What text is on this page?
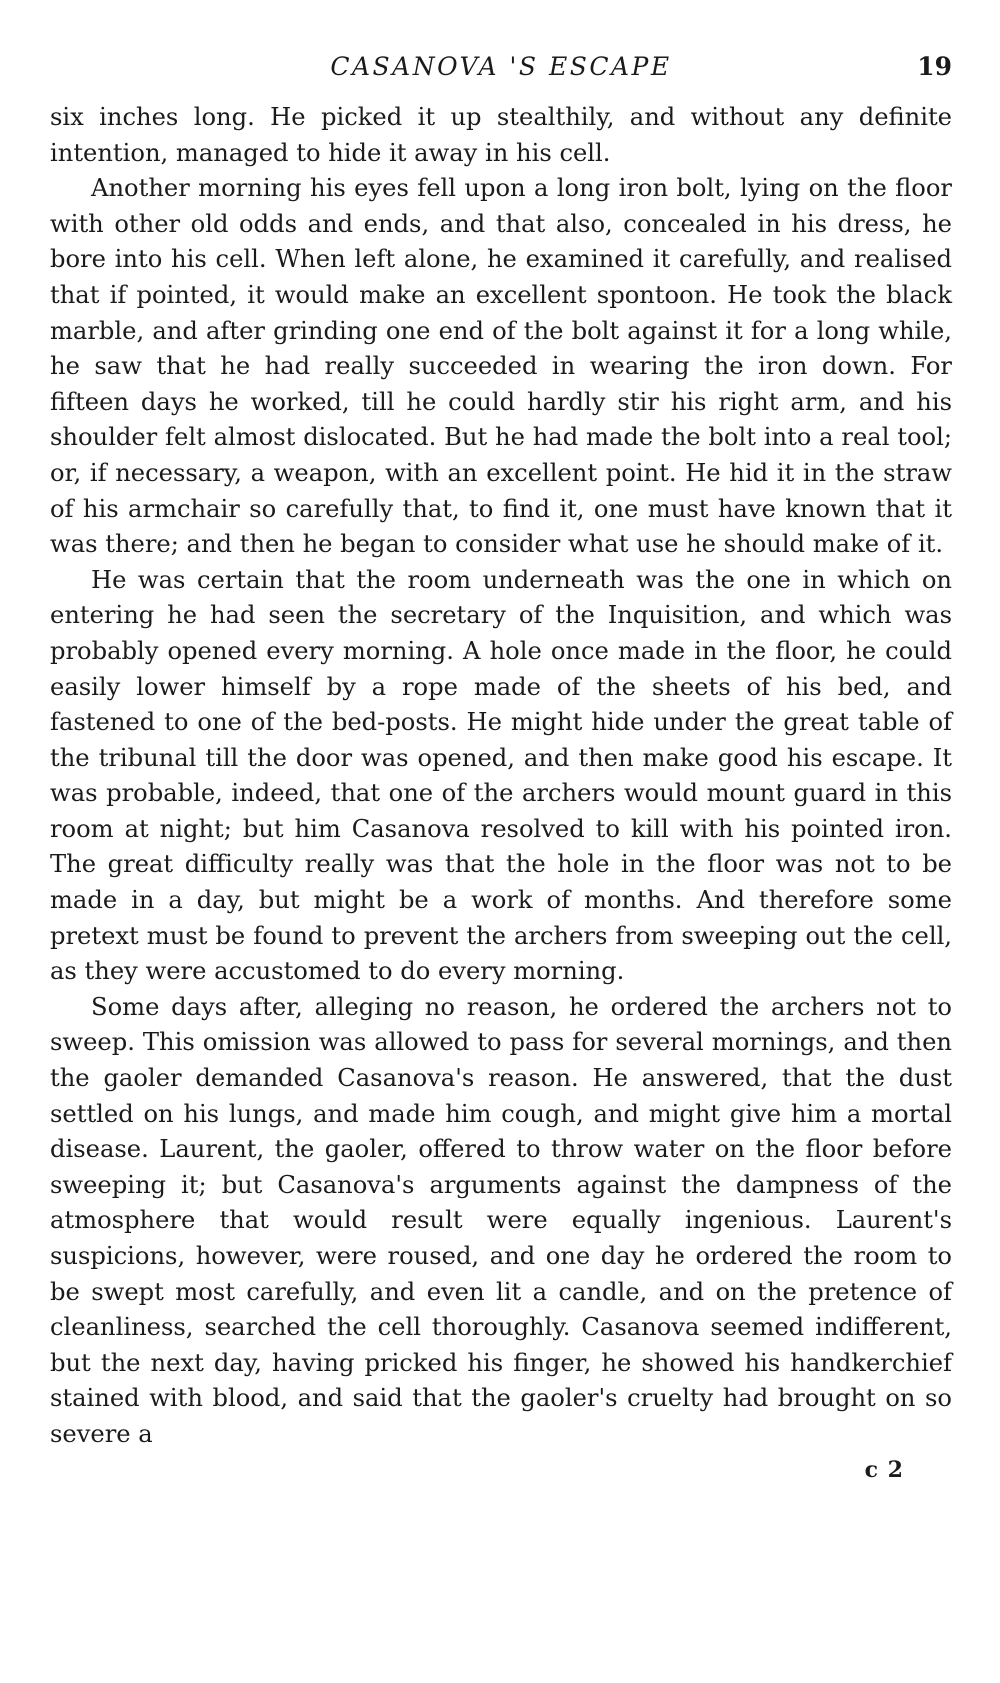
CASANOVA 'S ESCAPE	19

six inches long. He picked it up stealthily, and without any definite intention, managed to hide it away in his cell.

Another morning his eyes fell upon a long iron bolt, lying on the floor with other old odds and ends, and that also, concealed in his dress, he bore into his cell. When left alone, he examined it carefully, and realised that if pointed, it would make an excellent spontoon. He took the black marble, and after grinding one end of the bolt against it for a long while, he saw that he had really succeeded in wearing the iron down. For fifteen days he worked, till he could hardly stir his right arm, and his shoulder felt almost dislocated. But he had made the bolt into a real tool; or, if necessary, a weapon, with an excellent point. He hid it in the straw of his armchair so carefully that, to find it, one must have known that it was there; and then he began to consider what use he should make of it.

He was certain that the room underneath was the one in which on entering he had seen the secretary of the Inquisition, and which was probably opened every morning. A hole once made in the floor, he could easily lower himself by a rope made of the sheets of his bed, and fastened to one of the bed-posts. He might hide under the great table of the tribunal till the door was opened, and then make good his escape. It was probable, indeed, that one of the archers would mount guard in this room at night; but him Casanova resolved to kill with his pointed iron. The great difficulty really was that the hole in the floor was not to be made in a day, but might be a work of months. And therefore some pretext must be found to prevent the archers from sweeping out the cell, as they were accustomed to do every morning.

Some days after, alleging no reason, he ordered the archers not to sweep. This omission was allowed to pass for several mornings, and then the gaoler demanded Casanova's reason. He answered, that the dust settled on his lungs, and made him cough, and might give him a mortal disease. Laurent, the gaoler, offered to throw water on the floor before sweeping it; but Casanova's arguments against the dampness of the atmosphere that would result were equally ingenious. Laurent's suspicions, however, were roused, and one day he ordered the room to be swept most carefully, and even lit a candle, and on the pretence of cleanliness, searched the cell thoroughly. Casanova seemed indifferent, but the next day, having pricked his finger, he showed his handkerchief stained with blood, and said that the gaoler's cruelty had brought on so severe a

c 2
